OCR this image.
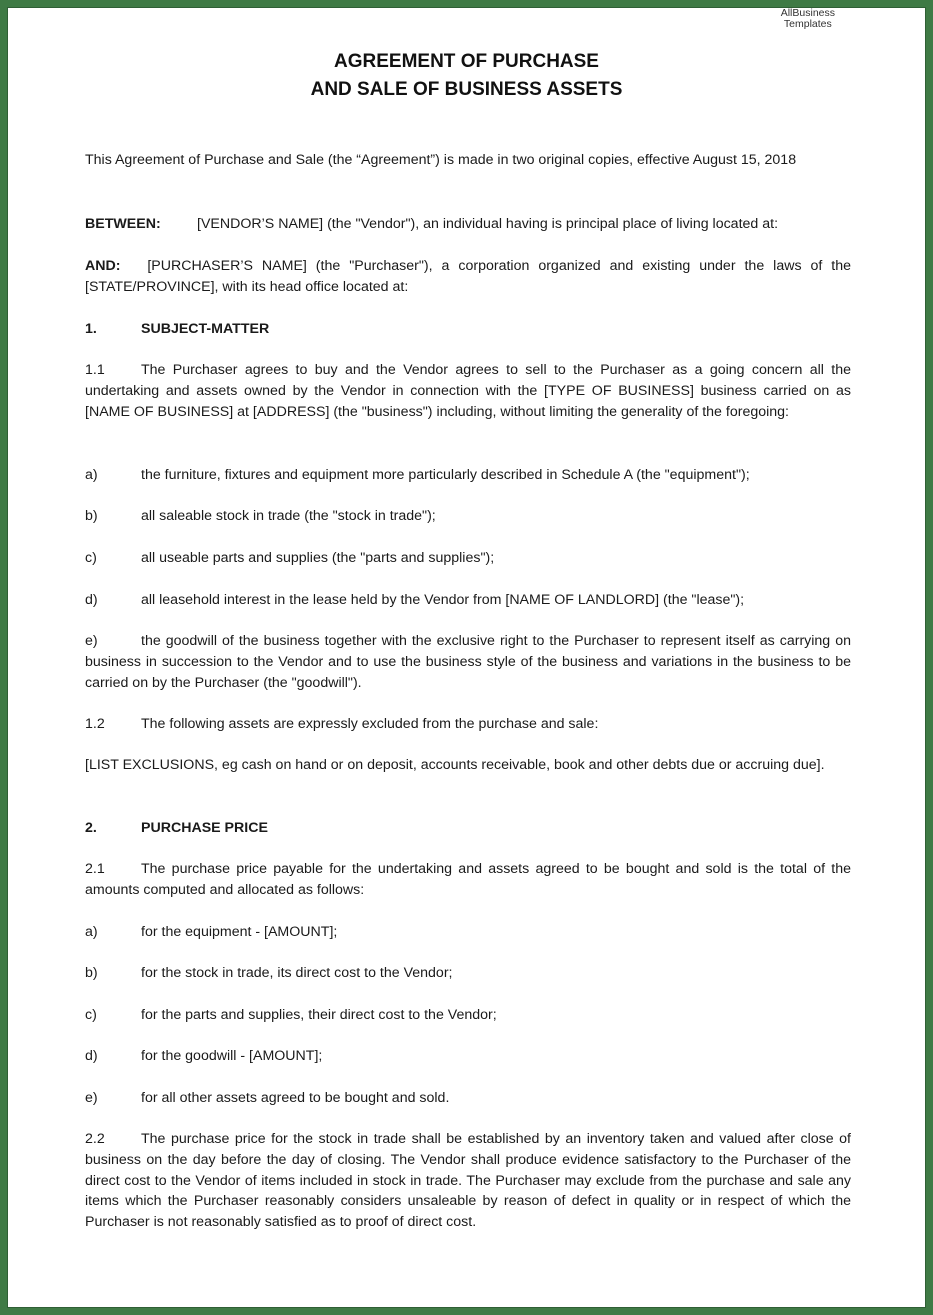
AllBusiness
Templates
AGREEMENT OF PURCHASE
AND SALE OF BUSINESS ASSETS

This Agreement of Purchase and Sale (the “Agreement”) is made in two original copies, effective August 15, 2018

BETWEEN:	[VENDOR’S NAME] (the "Vendor"), an individual having is principal place of living located at:

AND: [PURCHASER’S NAME] (the "Purchaser"), a corporation organized and existing under the laws of the [STATE/PROVINCE], with its head office located at:

1.	SUBJECT-MATTER

1.1	The Purchaser agrees to buy and the Vendor agrees to sell to the Purchaser as a going concern all the undertaking and assets owned by the Vendor in connection with the [TYPE OF BUSINESS] business carried on as [NAME OF BUSINESS] at [ADDRESS] (the "business") including, without limiting the generality of the foregoing:

a)	the furniture, fixtures and equipment more particularly described in Schedule A (the "equipment");

b)	all saleable stock in trade (the "stock in trade");

c)	all useable parts and supplies (the "parts and supplies");

d)	all leasehold interest in the lease held by the Vendor from [NAME OF LANDLORD] (the "lease");

e)	the goodwill of the business together with the exclusive right to the Purchaser to represent itself as carrying on business in succession to the Vendor and to use the business style of the business and variations in the business to be carried on by the Purchaser (the "goodwill").

1.2	The following assets are expressly excluded from the purchase and sale:

[LIST EXCLUSIONS, eg cash on hand or on deposit, accounts receivable, book and other debts due or accruing due].

2.	PURCHASE PRICE

2.1	The purchase price payable for the undertaking and assets agreed to be bought and sold is the total of the amounts computed and allocated as follows:

a)	for the equipment - [AMOUNT];

b)	for the stock in trade, its direct cost to the Vendor;

c)	for the parts and supplies, their direct cost to the Vendor;

d)	for the goodwill - [AMOUNT];

e)	for all other assets agreed to be bought and sold.

2.2	The purchase price for the stock in trade shall be established by an inventory taken and valued after close of business on the day before the day of closing. The Vendor shall produce evidence satisfactory to the Purchaser of the direct cost to the Vendor of items included in stock in trade. The Purchaser may exclude from the purchase and sale any items which the Purchaser reasonably considers unsaleable by reason of defect in quality or in respect of which the Purchaser is not reasonably satisfied as to proof of direct cost.
